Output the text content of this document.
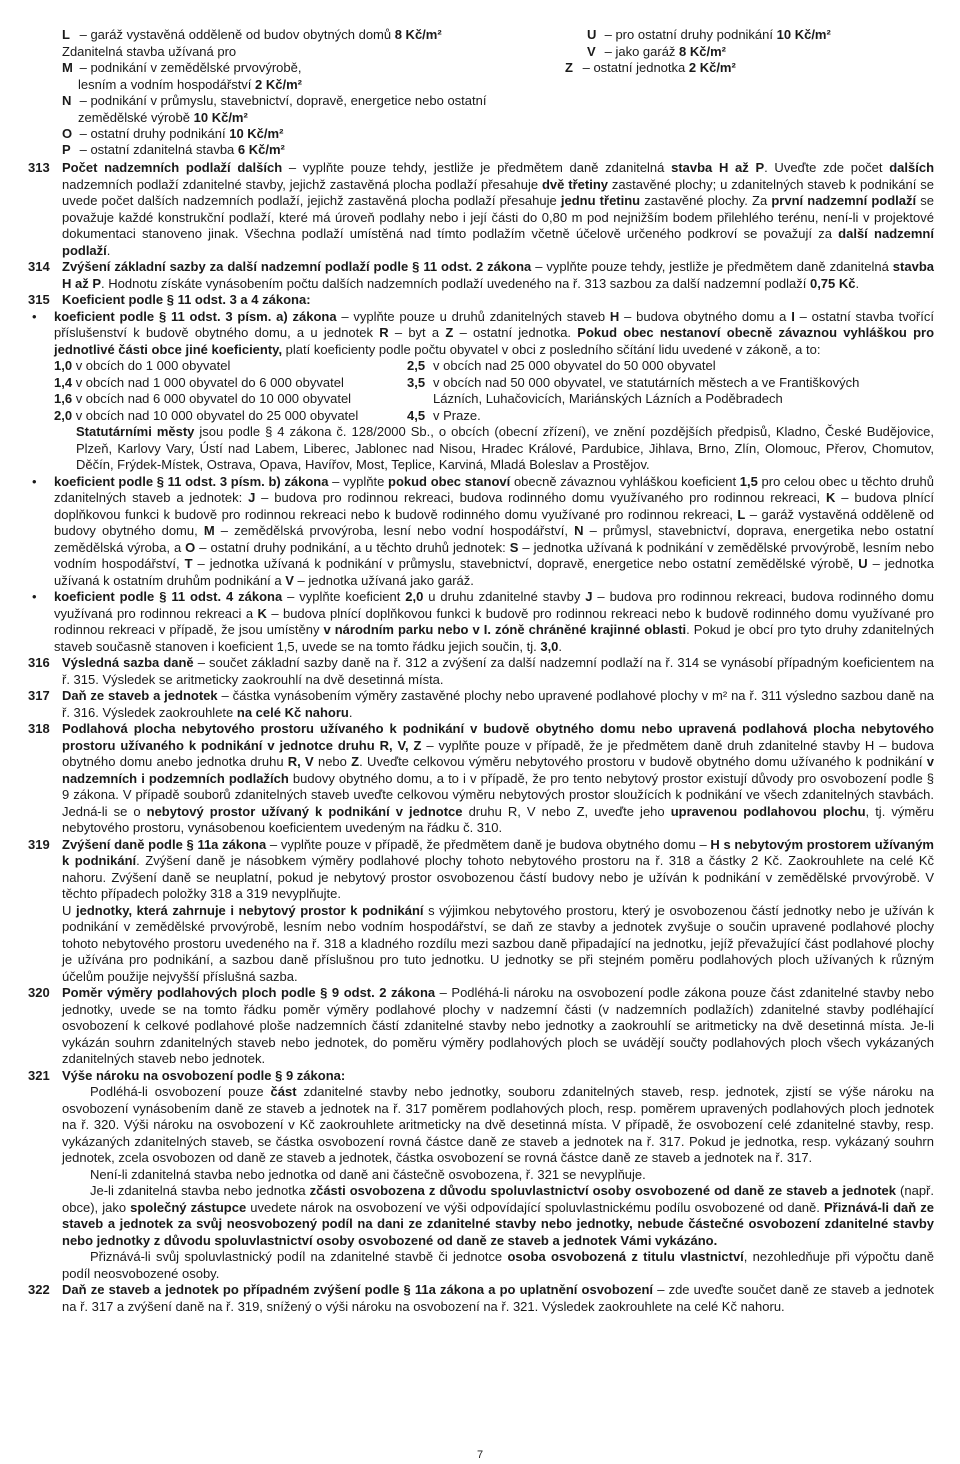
L – garáž vystavěná odděleně od budov obytných domů 8 Kč/m²
Zdanitelná stavba užívaná pro
M – podnikání v zemědělské prvovýrobě,
lesním a vodním hospodářství 2 Kč/m²
N – podnikání v průmyslu, stavebnictví, dopravě, energetice nebo ostatní
zemědělské výrobě 10 Kč/m²
O – ostatní druhy podnikání 10 Kč/m²
U – pro ostatní druhy podnikání 10 Kč/m²
V – jako garáž 8 Kč/m²
Z – ostatní jednotka 2 Kč/m²
P – ostatní zdanitelná stavba 6 Kč/m²
313 Počet nadzemních podlaží dalších – vyplňte pouze tehdy, jestliže je předmětem daně zdanitelná stavba H až P. Uveďte zde počet dalších nadzemních podlaží zdanitelné stavby, jejichž zastavěná plocha podlaží přesahuje dvě třetiny zastavěné plochy; u zdanitelných staveb k podnikání se uvede počet dalších nadzemních podlaží, jejichž zastavěná plocha podlaží přesahuje jednu třetinu zastavěné plochy. Za první nadzemní podlaží se považuje každé konstrukční podlaží, které má úroveň podlahy nebo i její části do 0,80 m pod nejnižším bodem přilehlého terénu, není-li v projektové dokumentaci stanoveno jinak. Všechna podlaží umístěná nad tímto podlažím včetně účelově určeného podkroví se považují za další nadzemní podlaží.
314 Zvýšení základní sazby za další nadzemní podlaží podle § 11 odst. 2 zákona – vyplňte pouze tehdy, jestliže je předmětem daně zdanitelná stavba H až P. Hodnotu získáte vynásobením počtu dalších nadzemních podlaží uvedeného na ř. 313 sazbou za další nadzemní podlaží 0,75 Kč.
315 Koeficient podle § 11 odst. 3 a 4 zákona:
•	koeficient podle § 11 odst. 3 písm. a) zákona – vyplňte pouze u druhů zdanitelných staveb H – budova obytného domu a I – ostatní stavba tvořící příslušenství k budově obytného domu, a u jednotek R – byt a Z – ostatní jednotka. Pokud obec nestanoví obecně závaznou vyhláškou pro jednotlivé části obce jiné koeficienty, platí koeficienty podle počtu obyvatel v obci z posledního sčítání lidu uvedené v zákoně, a to:
1,0 v obcích do 1 000 obyvatel	2,5 v obcích nad 25 000 obyvatel do 50 000 obyvatel
1,4 v obcích nad 1 000 obyvatel do 6 000 obyvatel	3,5 v obcích nad 50 000 obyvatel, ve statutárních městech a ve Františkových
1,6 v obcích nad 6 000 obyvatel do 10 000 obyvatel	Lázních, Luhačovicích, Mariánských Lázních a Poděbradech
2,0 v obcích nad 10 000 obyvatel do 25 000 obyvatel	4,5 v Praze.
Statutárními městy jsou podle § 4 zákona č. 128/2000 Sb., o obcích (obecní zřízení), ve znění pozdějších předpisů, Kladno, České Budějovice, Plzeň, Karlovy Vary, Ústí nad Labem, Liberec, Jablonec nad Nisou, Hradec Králové, Pardubice, Jihlava, Brno, Zlín, Olomouc, Přerov, Chomutov, Děčín, Frýdek-Místek, Ostrava, Opava, Havířov, Most, Teplice, Karviná, Mladá Boleslav a Prostějov.
•	koeficient podle § 11 odst. 3 písm. b) zákona – vyplňte pokud obec stanoví obecně závaznou vyhláškou koeficient 1,5 pro celou obec u těchto druhů zdanitelných staveb a jednotek: J – budova pro rodinnou rekreaci, budova rodinného domu využívaného pro rodinnou rekreaci, K – budova plnící doplňkovou funkci k budově pro rodinnou rekreaci nebo k budově rodinného domu využívané pro rodinnou rekreaci, L – garáž vystavěná odděleně od budovy obytného domu, M – zemědělská prvovýroba, lesní nebo vodní hospodářství, N – průmysl, stavebnictví, doprava, energetika nebo ostatní zemědělská výroba, a O – ostatní druhy podnikání, a u těchto druhů jednotek: S – jednotka užívaná k podnikání v zemědělské prvovýrobě, lesním nebo vodním hospodářství, T – jednotka užívaná k podnikání v průmyslu, stavebnictví, dopravě, energetice nebo ostatní zemědělské výrobě, U – jednotka užívaná k ostatním druhům podnikání a V – jednotka užívaná jako garáž.
•	koeficient podle § 11 odst. 4 zákona – vyplňte koeficient 2,0 u druhu zdanitelné stavby J – budova pro rodinnou rekreaci, budova rodinného domu využívaná pro rodinnou rekreaci a K – budova plnící doplňkovou funkci k budově pro rodinnou rekreaci nebo k budově rodinného domu využívané pro rodinnou rekreaci v případě, že jsou umístěny v národním parku nebo v I. zóně chráněné krajinné oblasti. Pokud je obcí pro tyto druhy zdanitelných staveb současně stanoven i koeficient 1,5, uvede se na tomto řádku jejich součin, tj. 3,0.
316 Výsledná sazba daně – součet základní sazby daně na ř. 312 a zvýšení za další nadzemní podlaží na ř. 314 se vynásobí případným koeficientem na ř. 315. Výsledek se aritmeticky zaokrouhlí na dvě desetinná místa.
317 Daň ze staveb a jednotek – částka vynásobením výměry zastavěné plochy nebo upravené podlahové plochy v m² na ř. 311 výsledno sazbou daně na ř. 316. Výsledek zaokrouhlete na celé Kč nahoru.
318 Podlahová plocha nebytového prostoru užívaného k podnikání v budově obytného domu nebo upravená podlahová plocha nebytového prostoru užívaného k podnikání v jednotce druhu R, V, Z – vyplňte pouze v případě, že je předmětem daně druh zdanitelné stavby H – budova obytného domu anebo jednotka druhu R, V nebo Z. Uveďte celkovou výměru nebytového prostoru v budově obytného domu užívaného k podnikání v nadzemních i podzemních podlažích budovy obytného domu, a to i v případě, že pro tento nebytový prostor existují důvody pro osvobození podle § 9 zákona. V případě souborů zdanitelných staveb uveďte celkovou výměru nebytových prostor sloužících k podnikání ve všech zdanitelných stavbách. Jedná-li se o nebytový prostor užívaný k podnikání v jednotce druhu R, V nebo Z, uveďte jeho upravenou podlahovou plochu, tj. výměru nebytového prostoru, vynásobenou koeficientem uvedeným na řádku č. 310.
319 Zvýšení daně podle § 11a zákona – vyplňte pouze v případě, že předmětem daně je budova obytného domu – H s nebytovým prostorem užívaným k podnikání. Zvýšení daně je násobkem výměry podlahové plochy tohoto nebytového prostoru na ř. 318 a částky 2 Kč. Zaokrouhlete na celé Kč nahoru. Zvýšení daně se neuplatní, pokud je nebytový prostor osvobozenou částí budovy nebo je užíván k podnikání v zemědělské prvovýrobě. V těchto případech položky 318 a 319 nevyplňujte.
U jednotky, která zahrnuje i nebytový prostor k podnikání s výjimkou nebytového prostoru, který je osvobozenou částí jednotky nebo je užíván k podnikání v zemědělské prvovýrobě, lesním nebo vodním hospodářství, se daň ze stavby a jednotek zvyšuje o součin upravené podlahové plochy tohoto nebytového prostoru uvedeného na ř. 318 a kladného rozdílu mezi sazbou daně připadající na jednotku, jejíž převažující část podlahové plochy je užívána pro podnikání, a sazbou daně příslušnou pro tuto jednotku. U jednotky se při stejném poměru podlahových ploch užívaných k různým účelům použije nejvyšší příslušná sazba.
320 Poměr výměry podlahových ploch podle § 9 odst. 2 zákona – Podléhá-li nároku na osvobození podle zákona pouze část zdanitelné stavby nebo jednotky, uvede se na tomto řádku poměr výměry podlahové plochy v nadzemní části (v nadzemních podlažích) zdanitelné stavby podléhající osvobození k celkové podlahové ploše nadzemních částí zdanitelné stavby nebo jednotky a zaokrouhlí se aritmeticky na dvě desetinná místa. Je-li vykázán souhrn zdanitelných staveb nebo jednotek, do poměru výměry podlahových ploch se uvádějí součty podlahových ploch všech vykázaných zdanitelných staveb nebo jednotek.
321 Výše nároku na osvobození podle § 9 zákona:
Podléhá-li osvobození pouze část zdanitelné stavby nebo jednotky, souboru zdanitelných staveb, resp. jednotek, zjistí se výše nároku na osvobození vynásobením daně ze staveb a jednotek na ř. 317 poměrem podlahových ploch, resp. poměrem upravených podlahových ploch jednotek na ř. 320. Výši nároku na osvobození v Kč zaokrouhlete aritmeticky na dvě desetinná místa. V případě, že osvobození celé zdanitelné stavby, resp. vykázaných zdanitelných staveb, se částka osvobození rovná částce daně ze staveb a jednotek na ř. 317. Pokud je jednotka, resp. vykázaný souhrn jednotek, zcela osvobozen od daně ze staveb a jednotek, částka osvobození se rovná částce daně ze staveb a jednotek na ř. 317.
Není-li zdanitelná stavba nebo jednotka od daně ani částečně osvobozena, ř. 321 se nevyplňuje.
Je-li zdanitelná stavba nebo jednotka zčásti osvobozena z důvodu spoluvlastnictví osoby osvobozené od daně ze staveb a jednotek (např. obce), jako společný zástupce uvedete nárok na osvobození ve výši odpovídající spoluvlastnickému podílu osvobozené od daně. Přiznává-li daň ze staveb a jednotek za svůj neosvobozený podíl na dani ze zdanitelné stavby nebo jednotky, nebude částečné osvobození zdanitelné stavby nebo jednotky z důvodu spoluvlastnictví osoby osvobozené od daně ze staveb a jednotek Vámi vykázáno.
Přiznává-li svůj spoluvlastnický podíl na zdanitelné stavbě či jednotce osoba osvobozená z titulu vlastnictví, nezohledňuje při výpočtu daně podíl neosvobozené osoby.
322 Daň ze staveb a jednotek po případném zvýšení podle § 11a zákona a po uplatnění osvobození – zde uveďte součet daně ze staveb a jednotek na ř. 317 a zvýšení daně na ř. 319, snížený o výši nároku na osvobození na ř. 321. Výsledek zaokrouhlete na celé Kč nahoru.
7
